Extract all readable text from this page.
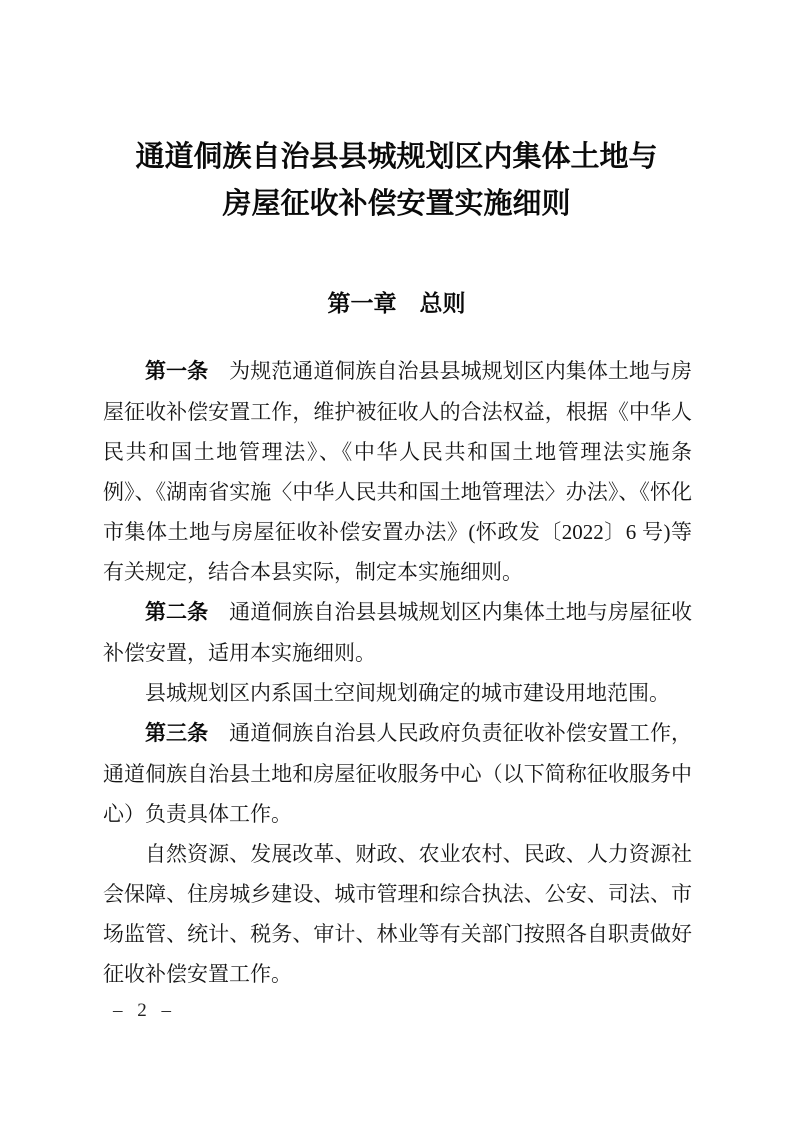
通道侗族自治县县城规划区内集体土地与
房屋征收补偿安置实施细则
第一章　总则

第一条　为规范通道侗族自治县县城规划区内集体土地与房屋征收补偿安置工作，维护被征收人的合法权益，根据《中华人民共和国土地管理法》、《中华人民共和国土地管理法实施条例》、《湖南省实施〈中华人民共和国土地管理法〉办法》、《怀化市集体土地与房屋征收补偿安置办法》(怀政发〔2022〕6 号)等有关规定，结合本县实际，制定本实施细则。

第二条　通道侗族自治县县城规划区内集体土地与房屋征收补偿安置，适用本实施细则。

县城规划区内系国土空间规划确定的城市建设用地范围。

第三条　通道侗族自治县人民政府负责征收补偿安置工作，通道侗族自治县土地和房屋征收服务中心（以下简称征收服务中心）负责具体工作。

自然资源、发展改革、财政、农业农村、民政、人力资源社会保障、住房城乡建设、城市管理和综合执法、公安、司法、市场监管、统计、税务、审计、林业等有关部门按照各自职责做好征收补偿安置工作。

– 2 –
